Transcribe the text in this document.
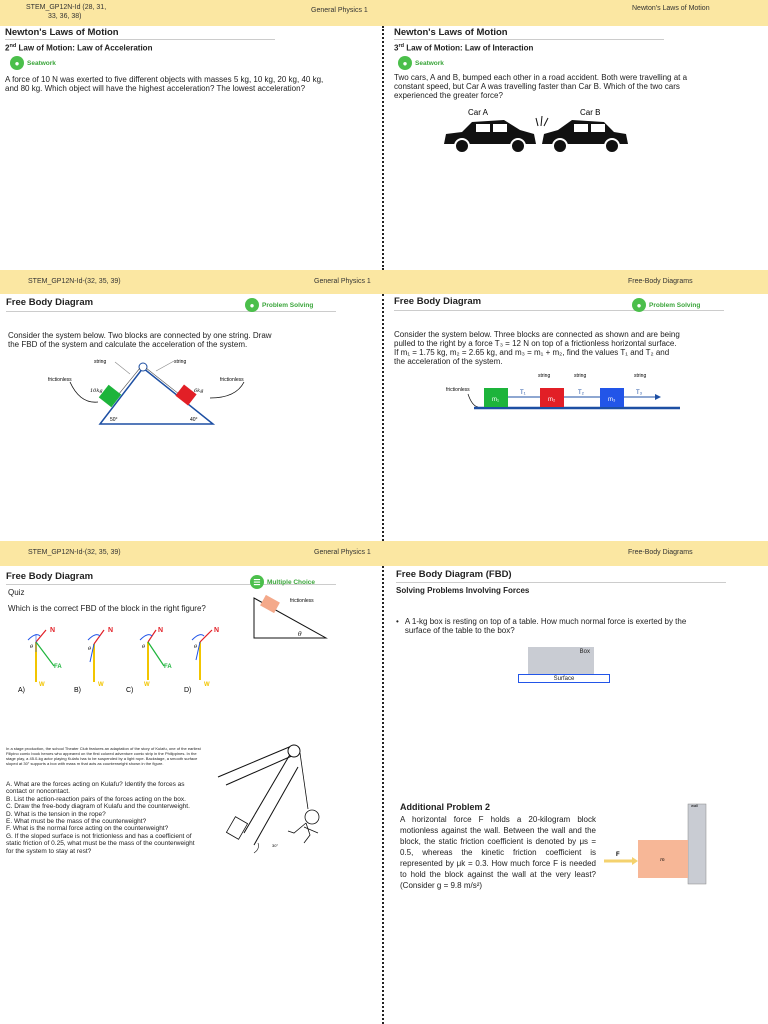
STEM_GP12N-Id (28, 31,
33, 36, 38)
General Physics 1	Newton's Laws of Motion
STEM_GP12N-Id-(32, 35, 39)	General Physics 1	Free-Body Diagrams
STEM_GP12N-Id-(32, 35, 39)	General Physics 1	Free-Body Diagrams
Newton's Laws of Motion
2nd Law of Motion: Law of Acceleration
●	Seatwork
A force of 10 N was exerted to five different objects with masses 5 kg, 10 kg, 20 kg, 40 kg, and 80 kg. Which object will have the highest acceleration? The lowest acceleration?
Newton's Laws of Motion
3rd Law of Motion: Law of Interaction
●	Seatwork
Two cars, A and B, bumped each other in a road accident. Both were travelling at a constant speed, but Car A was travelling faster than Car B. Which of the two cars experienced the greater force?
Car A	Car B
Free Body Diagram	●	Problem Solving
Consider the system below. Two blocks are connected by one string. Draw the FBD of the system and calculate the acceleration of the system.
string	string
frictionless	frictionless
10kg	6kg
50°	40°
Free Body Diagram	●	Problem Solving
Consider the system below. Three blocks are connected as shown and are being pulled to the right by a force T₃ = 12 N on top of a frictionless horizontal surface. If m₁ = 1.75 kg, m₂ = 2.65 kg, and m₃ = m₁ + m₂, find the values T₁ and T₂ and the acceleration of the system.
string	string	string
frictionless
m₁	m₂	m₃
T₁	T₂	T₃
Free Body Diagram	☰ Multiple Choice
Quiz
Which is the correct FBD of the block in the right figure?
frictionless
θ
N
FA
W
θ
A)
N
W
θ
B)
N
FA
W
θ
C)
N
W
θ
D)
Free Body Diagram (FBD)
Solving Problems Involving Forces
• A 1-kg box is resting on top of a table. How much normal force is exerted by the surface of the table to the box?
Box
Surface
In a stage production, the school Theater Club features an adaptation of the story of Kulafu, one of the earliest Filipino comic book heroes who appeared on the first colored adventure comic strip in the Philippines. In the stage play, a 45.0-kg actor playing Kulafu has to be suspended by a light rope. Backstage, a smooth surface sloped at 30° supports a box with mass m that acts as counterweight shown in the figure.
A. What are the forces acting on Kulafu? Identify the forces as contact or noncontact.
B. List the action-reaction pairs of the forces acting on the box.
C. Draw the free-body diagram of Kulafu and the counterweight.
D. What is the tension in the rope?
E. What must be the mass of the counterweight?
F. What is the normal force acting on the counterweight?
G. If the sloped surface is not frictionless and has a coefficient of static friction of 0.25, what must be the mass of the counterweight for the system to stay at rest?
30°
Additional Problem 2
A horizontal force F holds a 20-kilogram block motionless against the wall. Between the wall and the block, the static friction coefficient is denoted by μs = 0.5, whereas the kinetic friction coefficient is represented by μk = 0.3. How much force F is needed to hold the block against the wall at the very least? (Consider g = 9.8 m/s²)
wall
m
F
